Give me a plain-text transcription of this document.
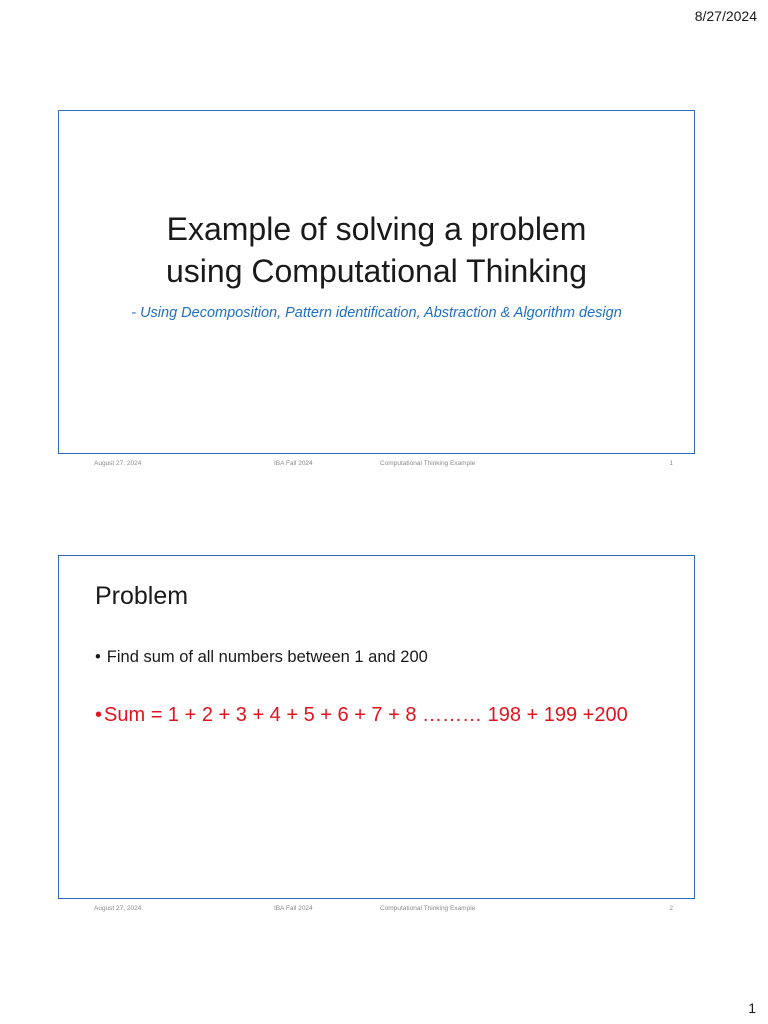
8/27/2024
Example of solving a problem
using Computational Thinking
- Using Decomposition, Pattern identification, Abstraction & Algorithm design
August 27, 2024	IBA Fall 2024	Computational Thinking Example	1
Problem
• Find sum of all numbers between 1 and 200
• Sum = 1 + 2 + 3 + 4 + 5 + 6 + 7 + 8 ……… 198 + 199 +200
August 27, 2024	IBA Fall 2024	Computational Thinking Example	2
1
